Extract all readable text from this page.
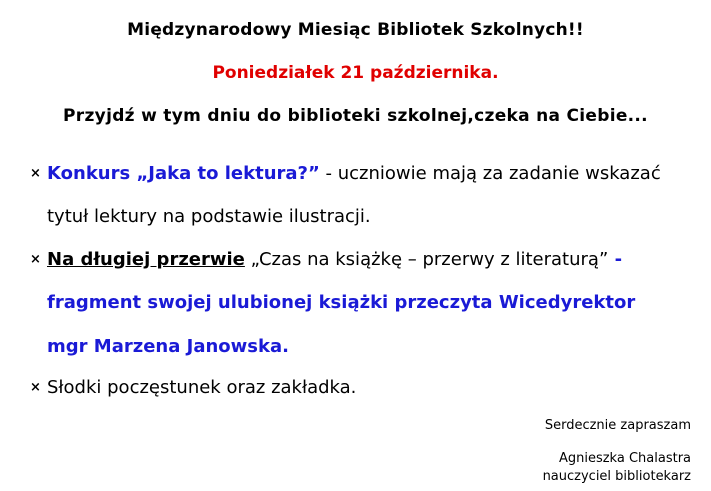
Międzynarodowy Miesiąc Bibliotek Szkolnych!!
Poniedziałek 21 października.
Przyjdź w tym dniu do biblioteki szkolnej,czeka na Ciebie...
× Konkurs „Jaka to lektura?” - uczniowie mają za zadanie wskazać
tytuł lektury na podstawie ilustracji.
× Na długiej przerwie „Czas na książkę – przerwy z literaturą” -
fragment swojej ulubionej książki przeczyta Wicedyrektor
mgr Marzena Janowska.
× Słodki poczęstunek oraz zakładka.
Serdecznie zapraszam
Agnieszka Chalastra
nauczyciel bibliotekarz
